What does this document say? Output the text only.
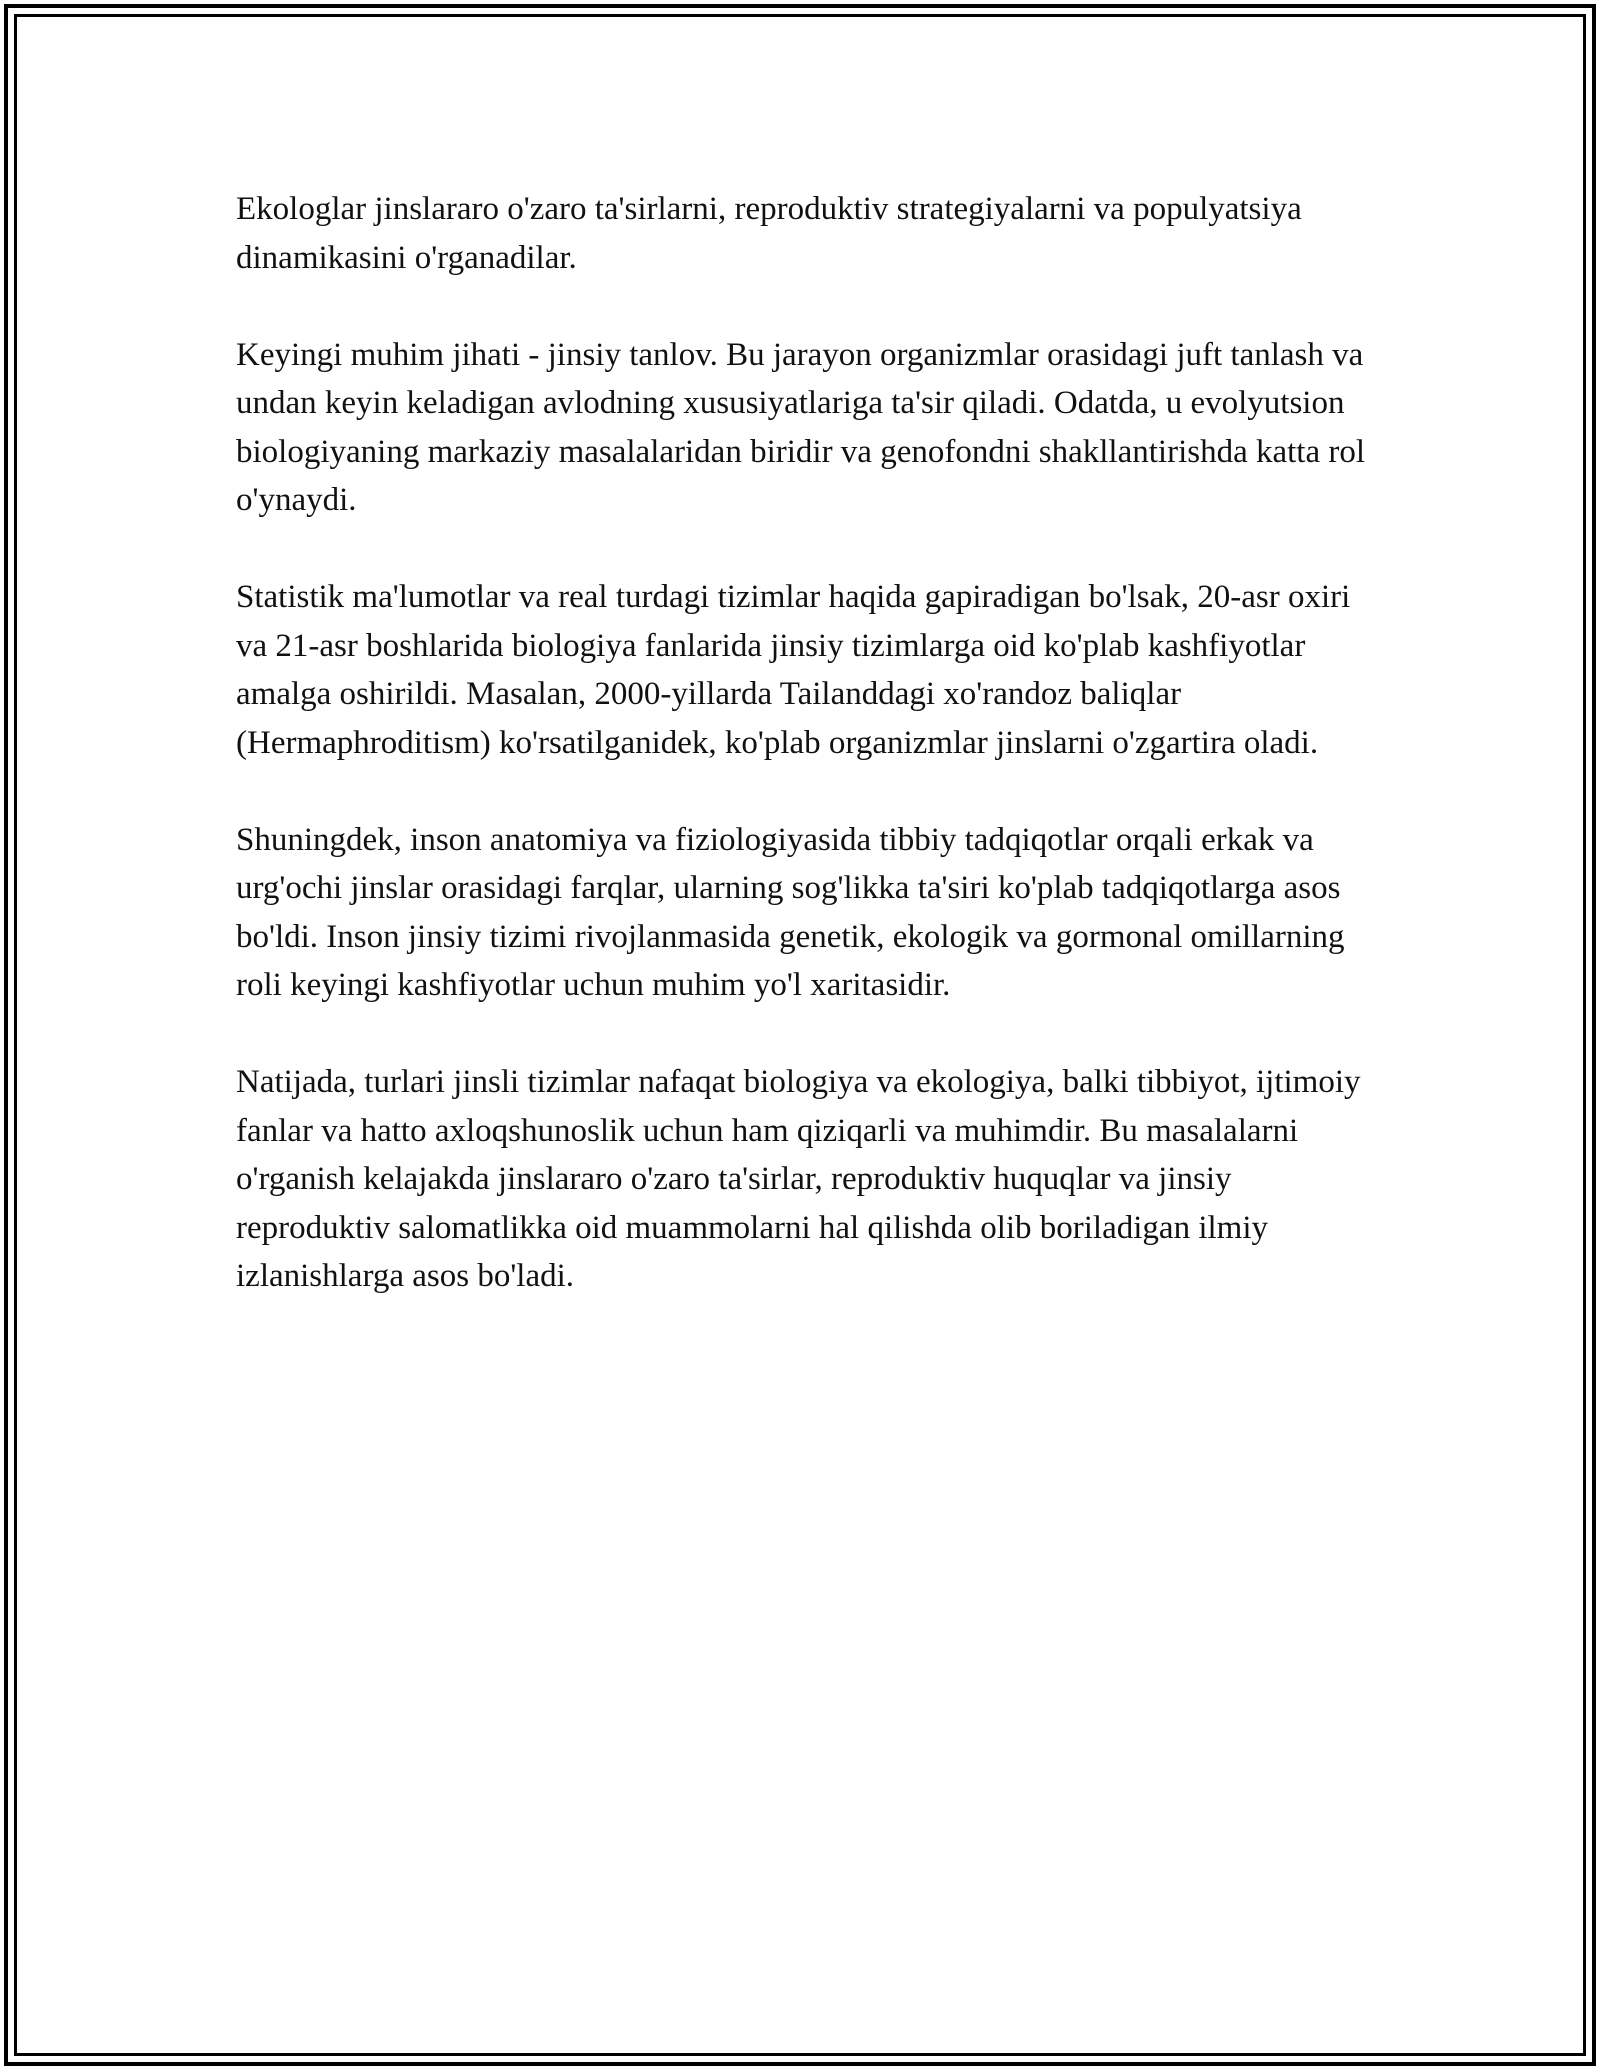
Ekologlar jinslararo o'zaro ta'sirlarni, reproduktiv strategiyalarni va populyatsiya dinamikasini o'rganadilar.

Keyingi muhim jihati - jinsiy tanlov. Bu jarayon organizmlar orasidagi juft tanlash va undan keyin keladigan avlodning xususiyatlariga ta'sir qiladi. Odatda, u evolyutsion biologiyaning markaziy masalalaridan biridir va genofondni shakllantirishda katta rol o'ynaydi.

Statistik ma'lumotlar va real turdagi tizimlar haqida gapiradigan bo'lsak, 20-asr oxiri va 21-asr boshlarida biologiya fanlarida jinsiy tizimlarga oid ko'plab kashfiyotlar amalga oshirildi. Masalan, 2000-yillarda Tailanddagi xo'randoz baliqlar (Hermaphroditism) ko'rsatilganidek, ko'plab organizmlar jinslarni o'zgartira oladi.

Shuningdek, inson anatomiya va fiziologiyasida tibbiy tadqiqotlar orqali erkak va urg'ochi jinslar orasidagi farqlar, ularning sog'likka ta'siri ko'plab tadqiqotlarga asos bo'ldi. Inson jinsiy tizimi rivojlanmasida genetik, ekologik va gormonal omillarning roli keyingi kashfiyotlar uchun muhim yo'l xaritasidir.

Natijada, turlari jinsli tizimlar nafaqat biologiya va ekologiya, balki tibbiyot, ijtimoiy fanlar va hatto axloqshunoslik uchun ham qiziqarli va muhimdir. Bu masalalarni o'rganish kelajakda jinslararo o'zaro ta'sirlar, reproduktiv huquqlar va jinsiy reproduktiv salomatlikka oid muammolarni hal qilishda olib boriladigan ilmiy izlanishlarga asos bo'ladi.
